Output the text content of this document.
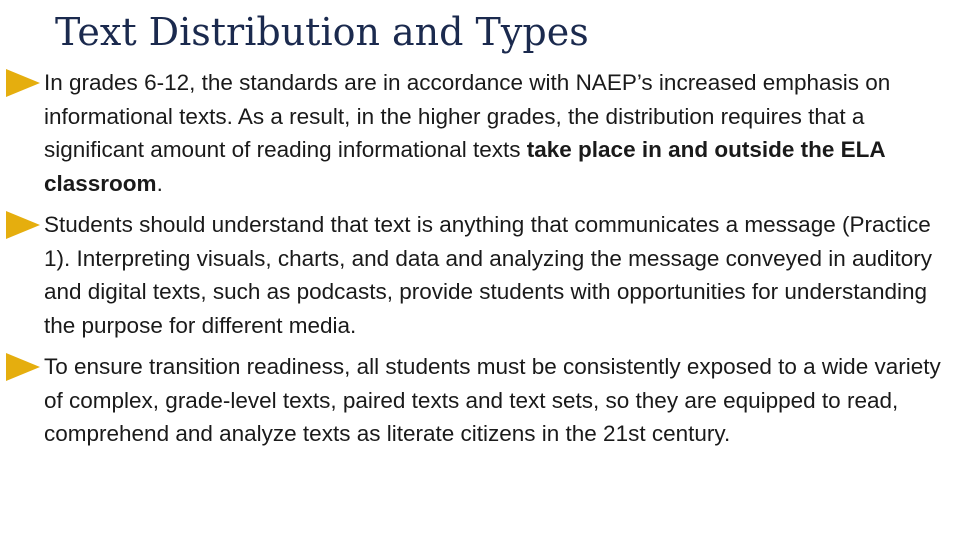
Text Distribution and Types
In grades 6-12, the standards are in accordance with NAEP’s increased emphasis on informational texts. As a result, in the higher grades, the distribution requires that a significant amount of reading informational texts take place in and outside the ELA classroom.
Students should understand that text is anything that communicates a message (Practice 1). Interpreting visuals, charts, and data and analyzing the message conveyed in auditory and digital texts, such as podcasts, provide students with opportunities for understanding the purpose for different media.
To ensure transition readiness, all students must be consistently exposed to a wide variety of complex, grade-level texts, paired texts and text sets, so they are equipped to read, comprehend and analyze texts as literate citizens in the 21st century.
